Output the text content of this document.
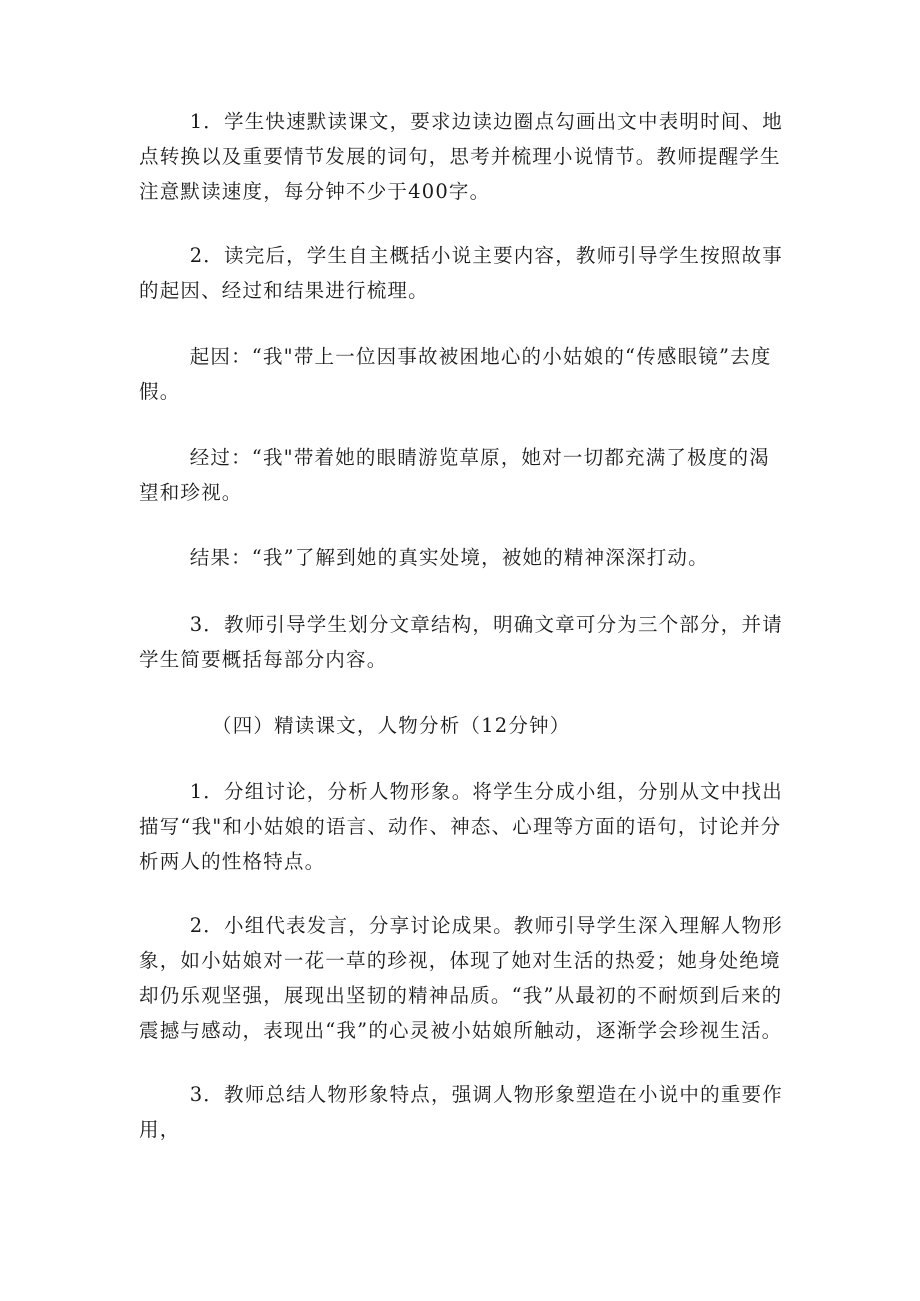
1．学生快速默读课文，要求边读边圈点勾画出文中表明时间、地点转换以及重要情节发展的词句，思考并梳理小说情节。教师提醒学生注意默读速度，每分钟不少于400字。

2．读完后，学生自主概括小说主要内容，教师引导学生按照故事的起因、经过和结果进行梳理。

起因：“我"带上一位因事故被困地心的小姑娘的“传感眼镜”去度假。

经过：“我"带着她的眼睛游览草原，她对一切都充满了极度的渴望和珍视。

结果：“我”了解到她的真实处境，被她的精神深深打动。

3．教师引导学生划分文章结构，明确文章可分为三个部分，并请学生简要概括每部分内容。

（四）精读课文，人物分析（12分钟）

1．分组讨论，分析人物形象。将学生分成小组，分别从文中找出描写“我"和小姑娘的语言、动作、神态、心理等方面的语句，讨论并分析两人的性格特点。

2．小组代表发言，分享讨论成果。教师引导学生深入理解人物形象，如小姑娘对一花一草的珍视，体现了她对生活的热爱；她身处绝境却仍乐观坚强，展现出坚韧的精神品质。“我”从最初的不耐烦到后来的震撼与感动，表现出“我”的心灵被小姑娘所触动，逐渐学会珍视生活。

3．教师总结人物形象特点，强调人物形象塑造在小说中的重要作用，
